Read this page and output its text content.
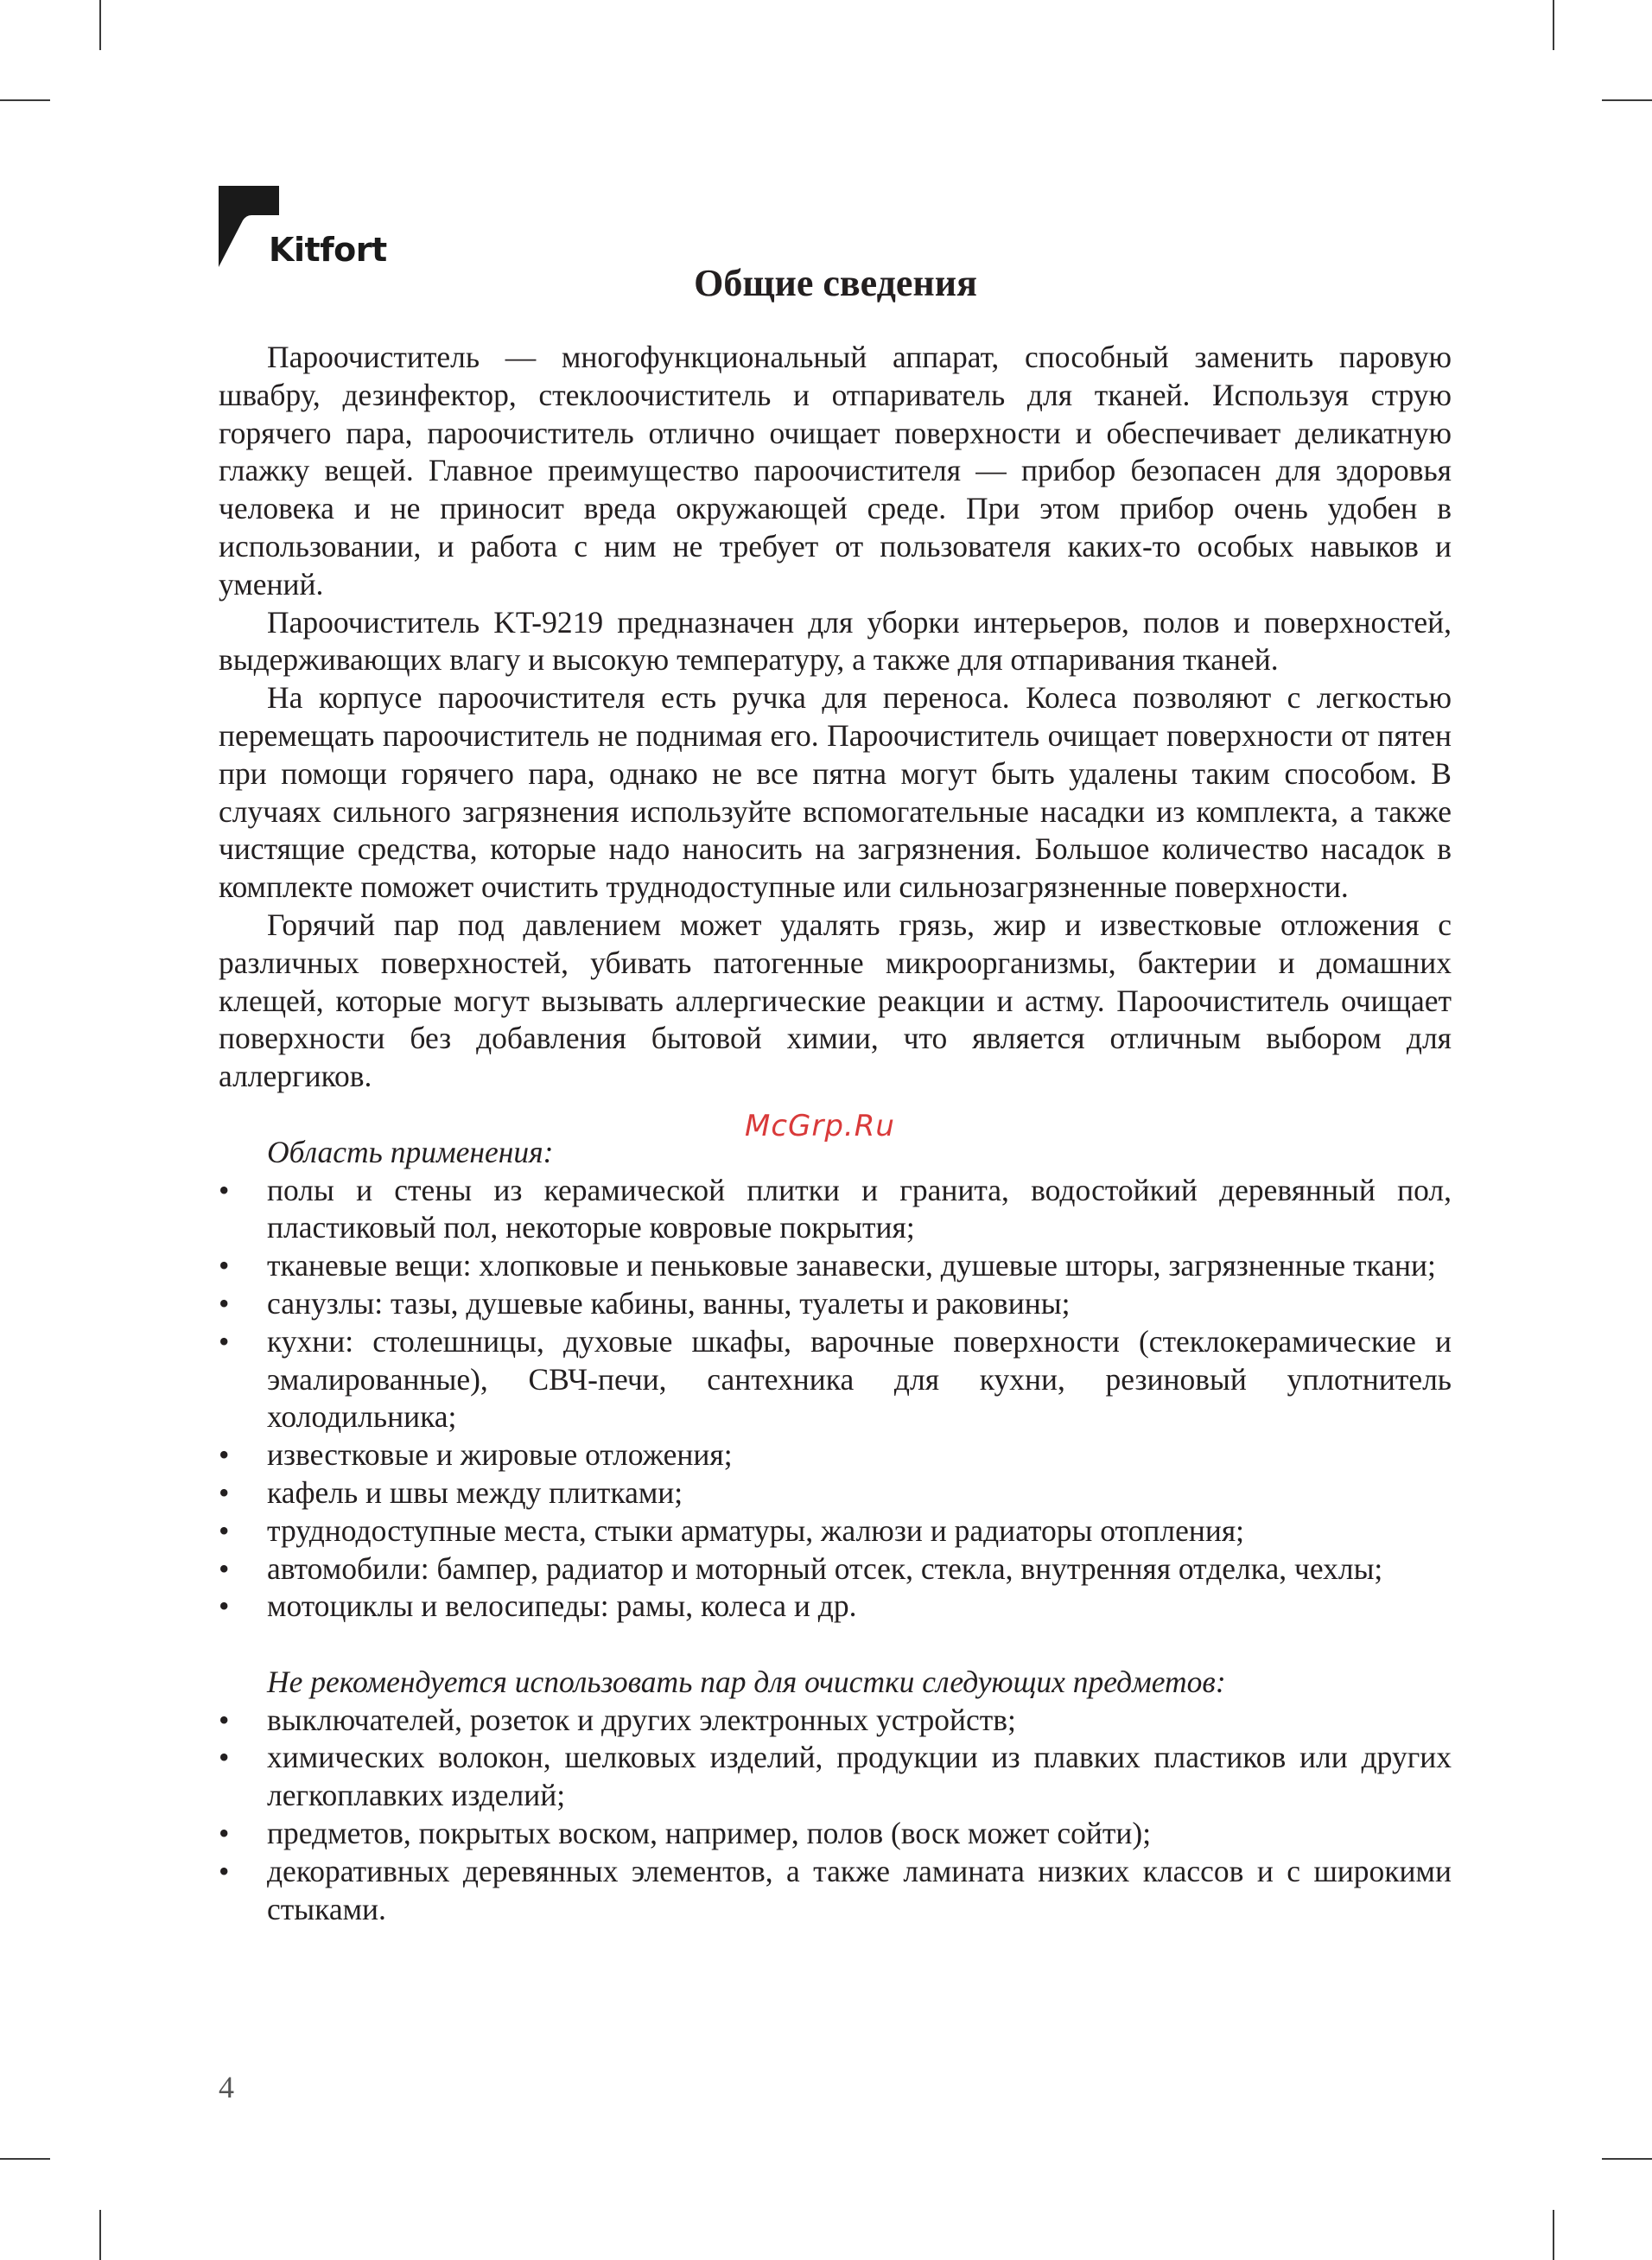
Kitfort
Общие сведения

Пароочиститель — многофункциональный аппарат, способный заменить паровую швабру, дезинфектор, стеклоочиститель и отпариватель для тканей. Используя струю горячего пара, пароочиститель отлично очищает поверхности и обеспечивает деликатную глажку вещей. Главное преимущество пароочистителя — прибор безопасен для здоровья человека и не приносит вреда окружающей среде. При этом прибор очень удобен в использовании, и работа с ним не требует от пользователя каких-то особых навыков и умений.

Пароочиститель KT-9219 предназначен для уборки интерьеров, полов и поверхностей, выдерживающих влагу и высокую температуру, а также для отпаривания тканей.

На корпусе пароочистителя есть ручка для переноса. Колеса позволяют с легкостью перемещать пароочиститель не поднимая его. Пароочиститель очищает поверхности от пятен при помощи горячего пара, однако не все пятна могут быть удалены таким способом. В случаях сильного загрязнения используйте вспомогательные насадки из комплекта, а также чистящие средства, которые надо наносить на загрязнения. Большое количество насадок в комплекте поможет очистить труднодоступные или сильнозагрязненные поверхности.

Горячий пар под давлением может удалять грязь, жир и известковые отложения с различных поверхностей, убивать патогенные микроорганизмы, бактерии и домашних клещей, которые могут вызывать аллергические реакции и астму. Пароочиститель очищает поверхности без добавления бытовой химии, что является отличным выбором для аллергиков.

Область применения:
• полы и стены из керамической плитки и гранита, водостойкий деревянный пол, пластиковый пол, некоторые ковровые покрытия;
• тканевые вещи: хлопковые и пеньковые занавески, душевые шторы, загрязненные ткани;
• санузлы: тазы, душевые кабины, ванны, туалеты и раковины;
• кухни: столешницы, духовые шкафы, варочные поверхности (стеклокерамические и эмалированные), СВЧ-печи, сантехника для кухни, резиновый уплотнитель холодильника;
• известковые и жировые отложения;
• кафель и швы между плитками;
• труднодоступные места, стыки арматуры, жалюзи и радиаторы отопления;
• автомобили: бампер, радиатор и моторный отсек, стекла, внутренняя отделка, чехлы;
• мотоциклы и велосипеды: рамы, колеса и др.
Не рекомендуется использовать пар для очистки следующих предметов:
• выключателей, розеток и других электронных устройств;
• химических волокон, шелковых изделий, продукции из плавких пластиков или других легкоплавких изделий;
• предметов, покрытых воском, например, полов (воск может сойти);
• декоративных деревянных элементов, а также ламината низких классов и с широкими стыками.
McGrp.Ru
4
